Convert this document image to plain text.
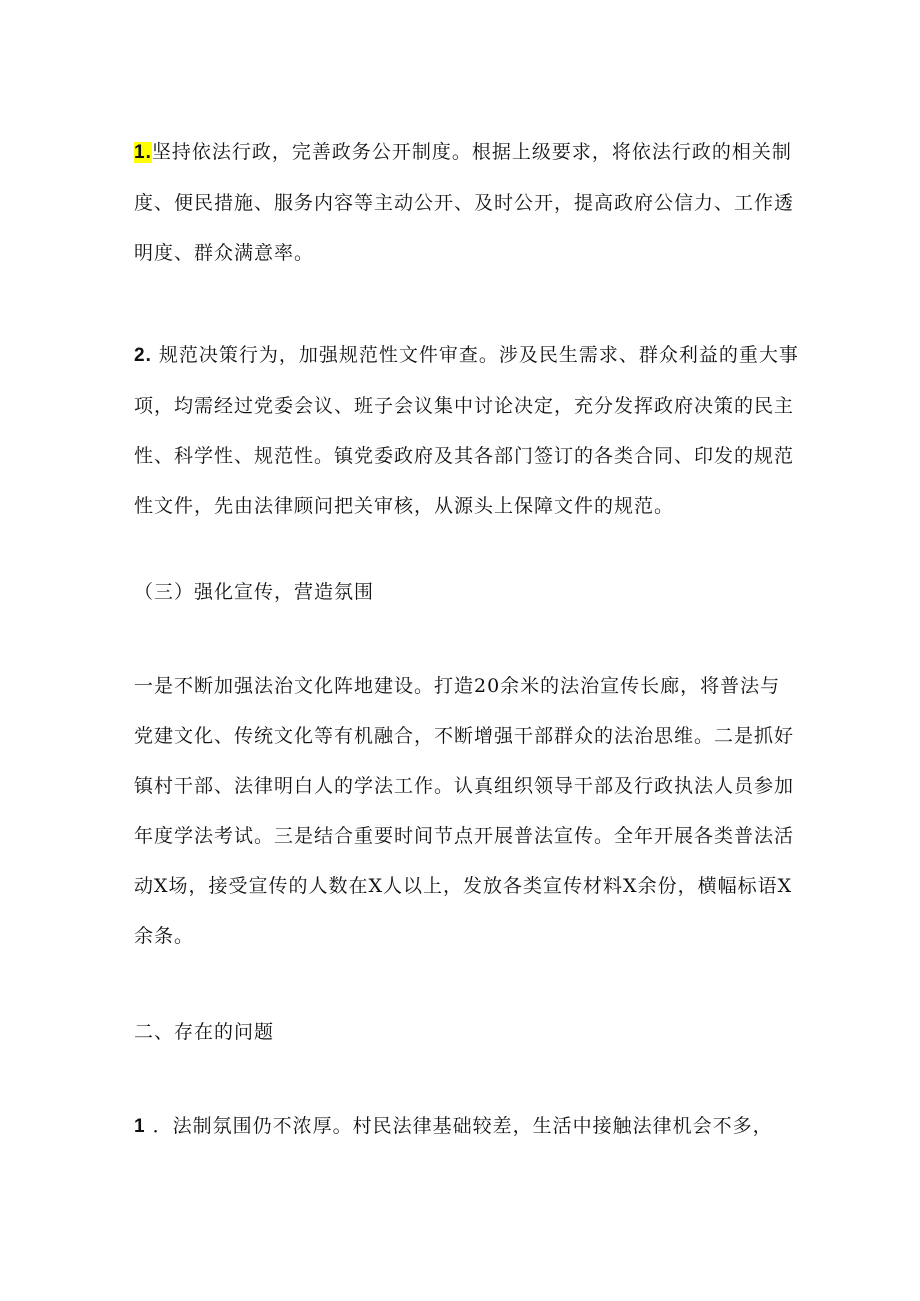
1.坚持依法行政，完善政务公开制度。根据上级要求，将依法行政的相关制
度、便民措施、服务内容等主动公开、及时公开，提高政府公信力、工作透
明度、群众满意率。

2. 规范决策行为，加强规范性文件审查。涉及民生需求、群众利益的重大事
项，均需经过党委会议、班子会议集中讨论决定，充分发挥政府决策的民主
性、科学性、规范性。镇党委政府及其各部门签订的各类合同、印发的规范
性文件，先由法律顾问把关审核，从源头上保障文件的规范。

（三）强化宣传，营造氛围

一是不断加强法治文化阵地建设。打造20余米的法治宣传长廊，将普法与
党建文化、传统文化等有机融合，不断增强干部群众的法治思维。二是抓好
镇村干部、法律明白人的学法工作。认真组织领导干部及行政执法人员参加
年度学法考试。三是结合重要时间节点开展普法宣传。全年开展各类普法活
动X场，接受宣传的人数在X人以上，发放各类宣传材料X余份，横幅标语X
余条。

二、存在的问题

1 ．法制氛围仍不浓厚。村民法律基础较差，生活中接触法律机会不多，
